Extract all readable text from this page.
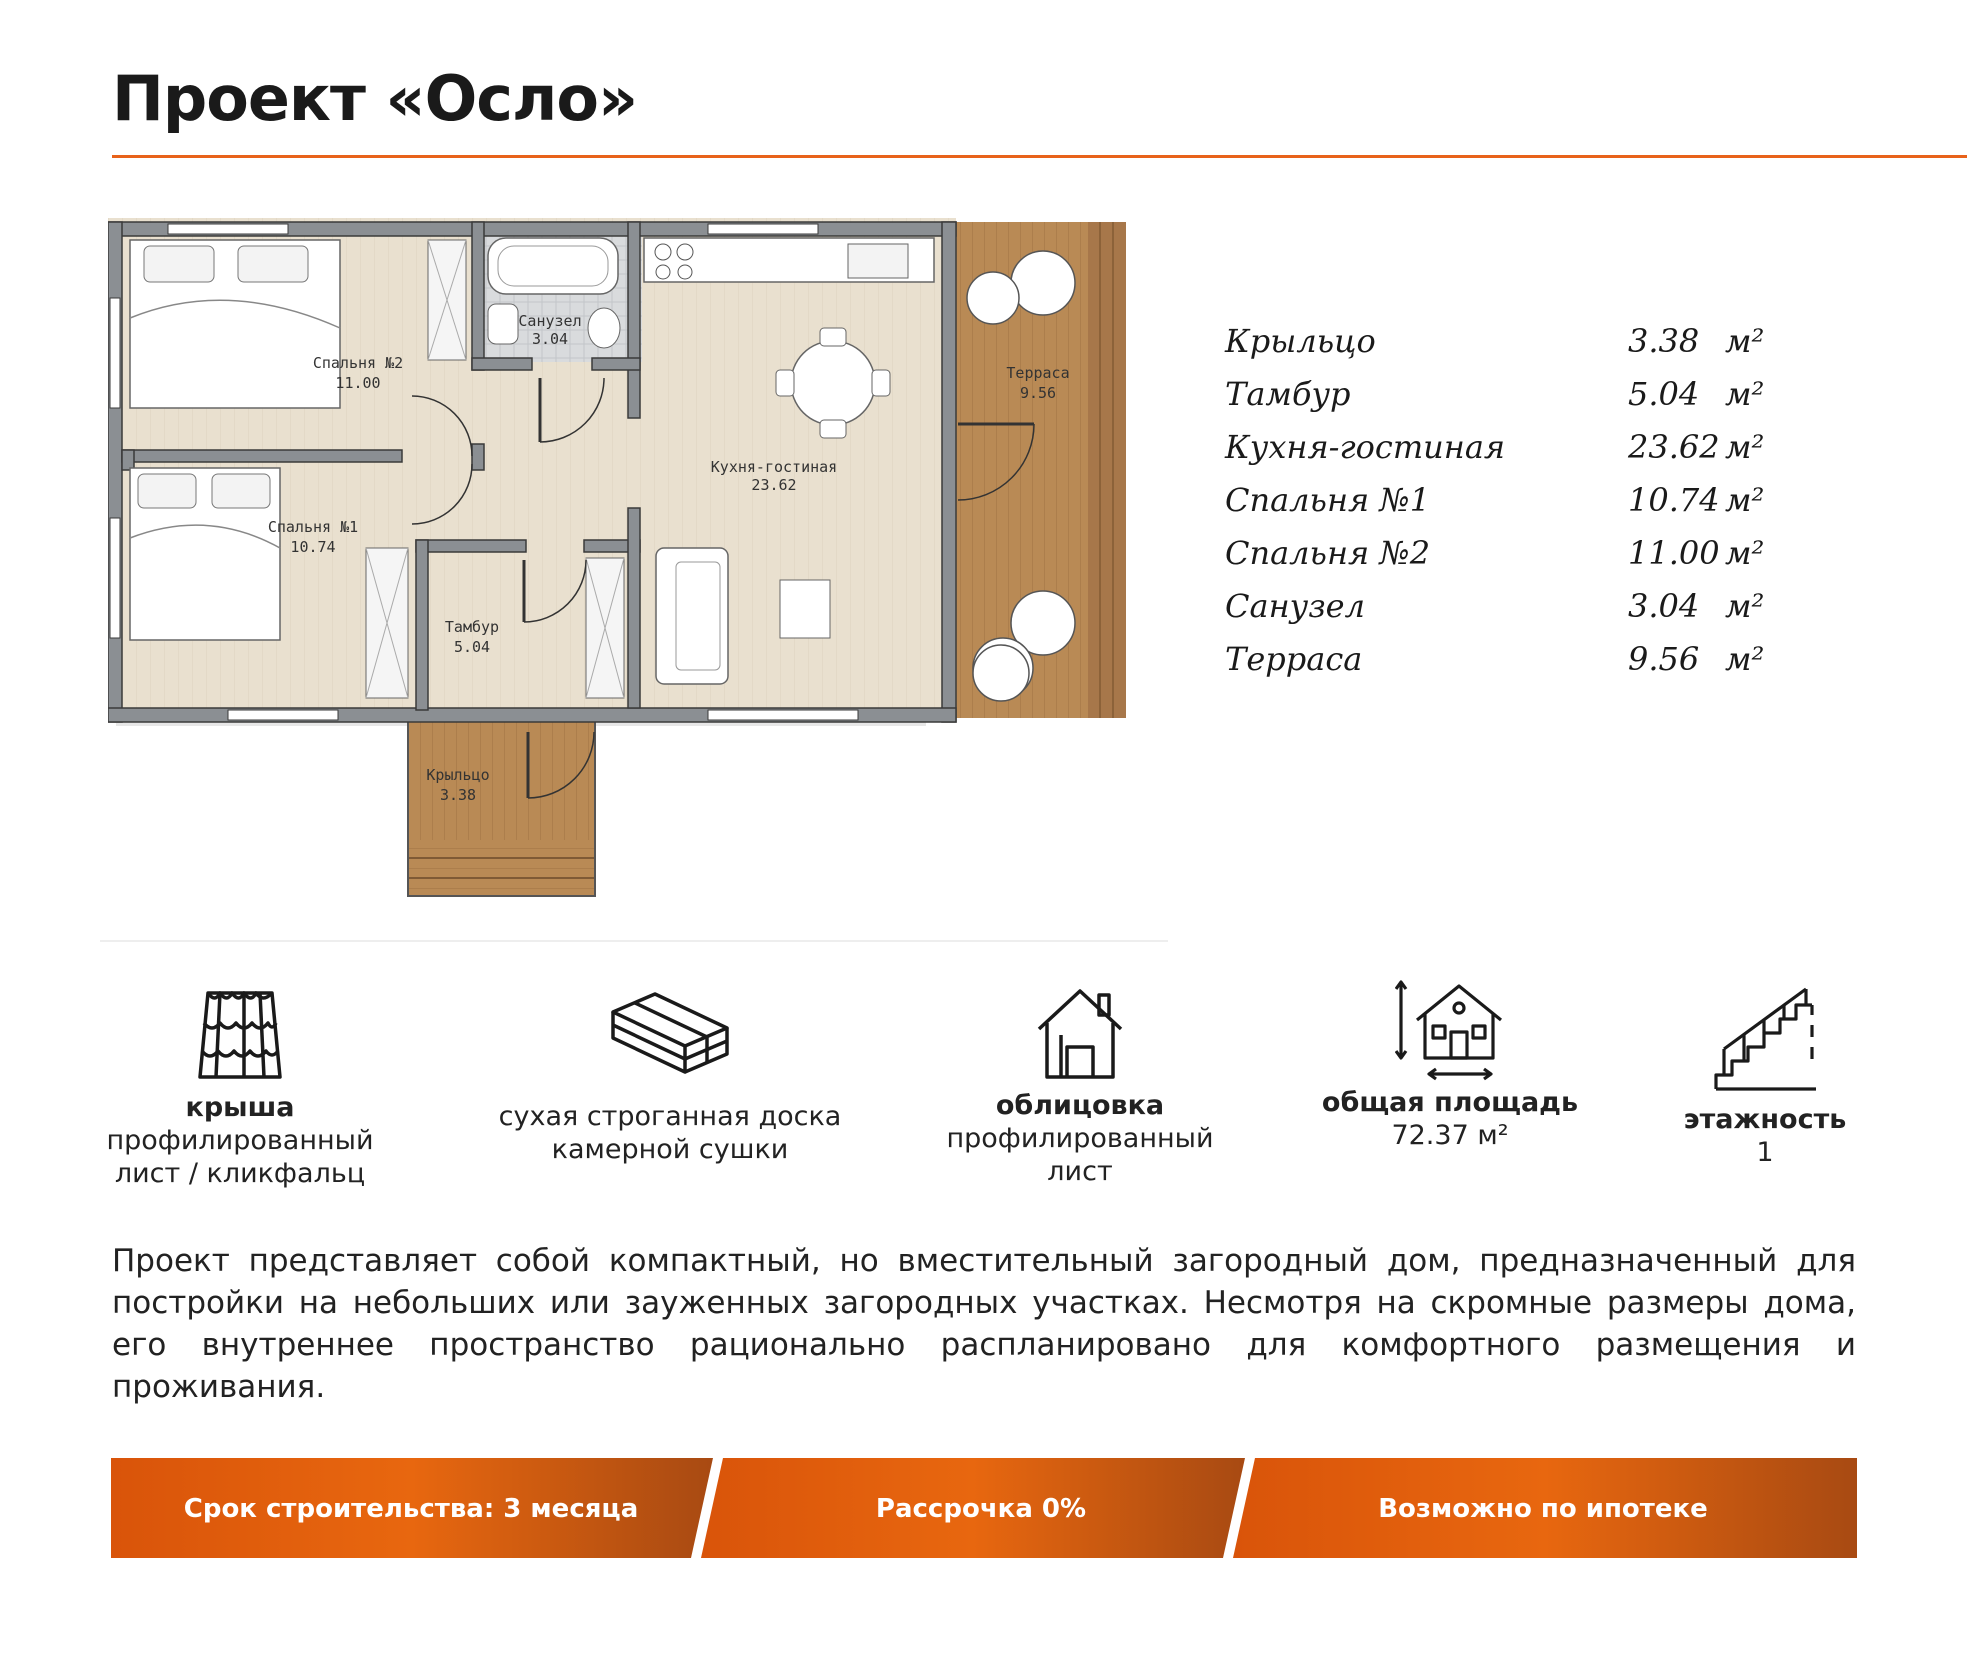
Проект «Осло»
Спальня №2
11.00
Санузел
3.04
Кухня-гостиная
23.62
Терраса
9.56
Спальня №1
10.74
Тамбур
5.04
Крыльцо
3.38
Крыльцо	3.38 м²
Тамбур	5.04 м²
Кухня-гостиная	23.62 м²
Спальня №1	10.74 м²
Спальня №2	11.00 м²
Санузел	3.04 м²
Терраса	9.56 м²
крыша
профилированный
лист / кликфальц
сухая строганная доска
камерной сушки
облицовка
профилированный
лист
общая площадь
72.37 м²
этажность
1

Проект представляет собой компактный, но вместительный загородный дом, предназначенный для постройки на небольших или зауженных загородных участках. Несмотря на скромные размеры дома, его внутреннее пространство рационально распланировано для комфортного размещения и проживания.

Срок строительства: 3 месяца	Рассрочка 0%	Возможно по ипотеке
